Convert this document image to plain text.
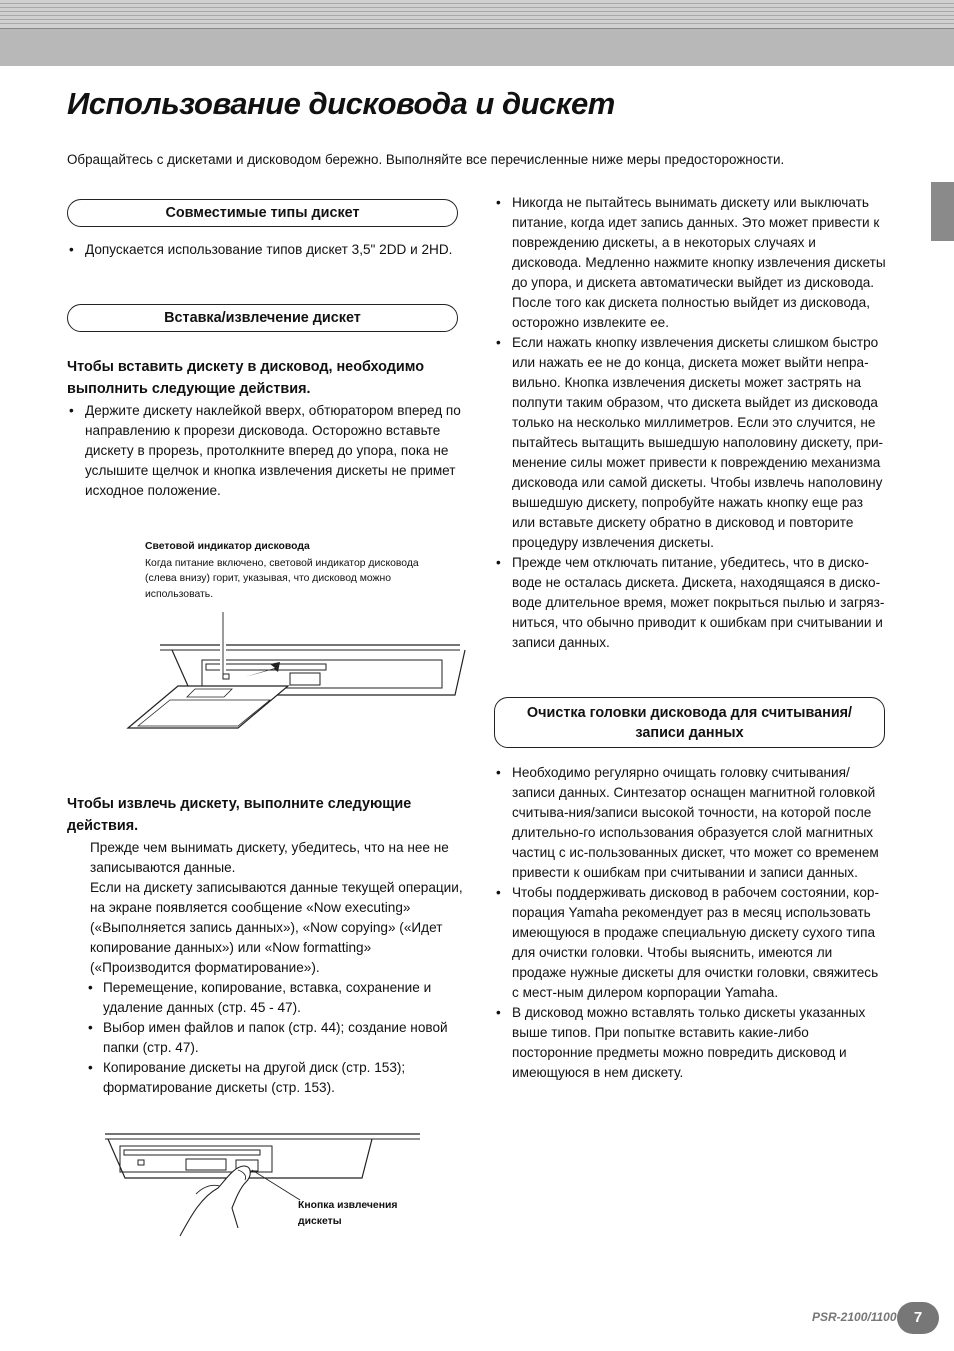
Использование дисковода и дискет

Обращайтесь с дискетами и дисководом бережно. Выполняйте все перечисленные ниже меры предосторожности.

Совместимые типы дискет
• Допускается использование типов дискет 3,5" 2DD и 2HD.
Вставка/извлечение дискет
Чтобы вставить дискету в дисковод, необходимо выполнить следующие действия.
• Держите дискету наклейкой вверх, обтюратором вперед по направлению к прорези дисковода. Осторожно вставьте дискету в прорезь, протолкните вперед до упора, пока не услышите щелчок и кнопка извлечения дискеты не примет исходное положение.
Световой индикатор дисковода
Когда питание включено, световой индикатор дисковода (слева внизу) горит, указывая, что дисковод можно использовать.
Чтобы извлечь дискету, выполните следующие действия.
Прежде чем вынимать дискету, убедитесь, что на нее не записываются данные.
Если на дискету записываются данные текущей операции, на экране появляется сообщение «Now executing» («Выполняется запись данных»), «Now copying» («Идет копирование данных») или «Now formatting» («Производится форматирование»).
• Перемещение, копирование, вставка, сохранение и удаление данных (стр. 45 - 47).
• Выбор имен файлов и папок (стр. 44); создание новой папки (стр. 47).
• Копирование дискеты на другой диск (стр. 153); форматирование дискеты (стр. 153).
Кнопка извлечения
дискеты
• Никогда не пытайтесь вынимать дискету или выключать питание, когда идет запись данных. Это может привести к повреждению дискеты, а в некоторых случаях и дисковода. Медленно нажмите кнопку извлечения дискеты до упора, и дискета автоматически выйдет из дисковода. После того как дискета полностью выйдет из дисковода, осторожно извлеките ее.
• Если нажать кнопку извлечения дискеты слишком быстро или нажать ее не до конца, дискета может выйти непра-вильно. Кнопка извлечения дискеты может застрять на полпути таким образом, что дискета выйдет из дисковода только на несколько миллиметров. Если это случится, не пытайтесь вытащить вышедшую наполовину дискету, при-менение силы может привести к повреждению механизма дисковода или самой дискеты. Чтобы извлечь наполовину вышедшую дискету, попробуйте нажать кнопку еще раз или вставьте дискету обратно в дисковод и повторите процедуру извлечения дискеты.
• Прежде чем отключать питание, убедитесь, что в диско-воде не осталась дискета. Дискета, находящаяся в диско-воде длительное время, может покрыться пылью и загряз-ниться, что обычно приводит к ошибкам при считывании и записи данных.
Очистка головки дисковода для считывания/
записи данных
• Необходимо регулярно очищать головку считывания/записи данных. Синтезатор оснащен магнитной головкой считыва-ния/записи высокой точности, на которой после длительно-го использования образуется слой магнитных частиц с ис-пользованных дискет, что может со временем привести к ошибкам при считывании и записи данных.
• Чтобы поддерживать дисковод в рабочем состоянии, кор-порация Yamaha рекомендует раз в месяц использовать имеющуюся в продаже специальную дискету сухого типа для очистки головки. Чтобы выяснить, имеются ли продаже нужные дискеты для очистки головки, свяжитесь с мест-ным дилером корпорации Yamaha.
• В дисковод можно вставлять только дискеты указанных выше типов. При попытке вставить какие-либо посторонние предметы можно повредить дисковод и имеющуюся в нем дискету.
PSR-2100/1100	7
